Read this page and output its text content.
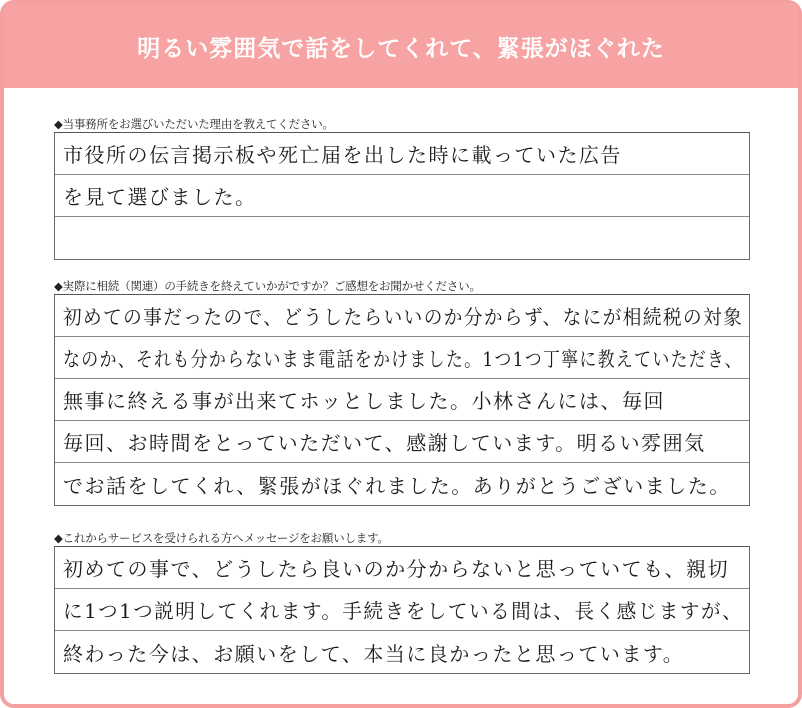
明るい雰囲気で話をしてくれて、緊張がほぐれた
◆当事務所をお選びいただいた理由を教えてください。
市役所の伝言掲示板や死亡届を出した時に載っていた広告
を見て選びました。
◆実際に相続（関連）の手続きを終えていかがですか？ご感想をお聞かせください。
初めての事だったので、どうしたらいいのか分からず、なにが相続税の対象
なのか、それも分からないまま電話をかけました。1つ1つ丁寧に教えていただき、
無事に終える事が出来てホッとしました。小林さんには、毎回
毎回、お時間をとっていただいて、感謝しています。明るい雰囲気
でお話をしてくれ、緊張がほぐれました。ありがとうございました。
◆これからサービスを受けられる方へメッセージをお願いします。
初めての事で、どうしたら良いのか分からないと思っていても、親切
に1つ1つ説明してくれます。手続きをしている間は、長く感じますが、
終わった今は、お願いをして、本当に良かったと思っています。
